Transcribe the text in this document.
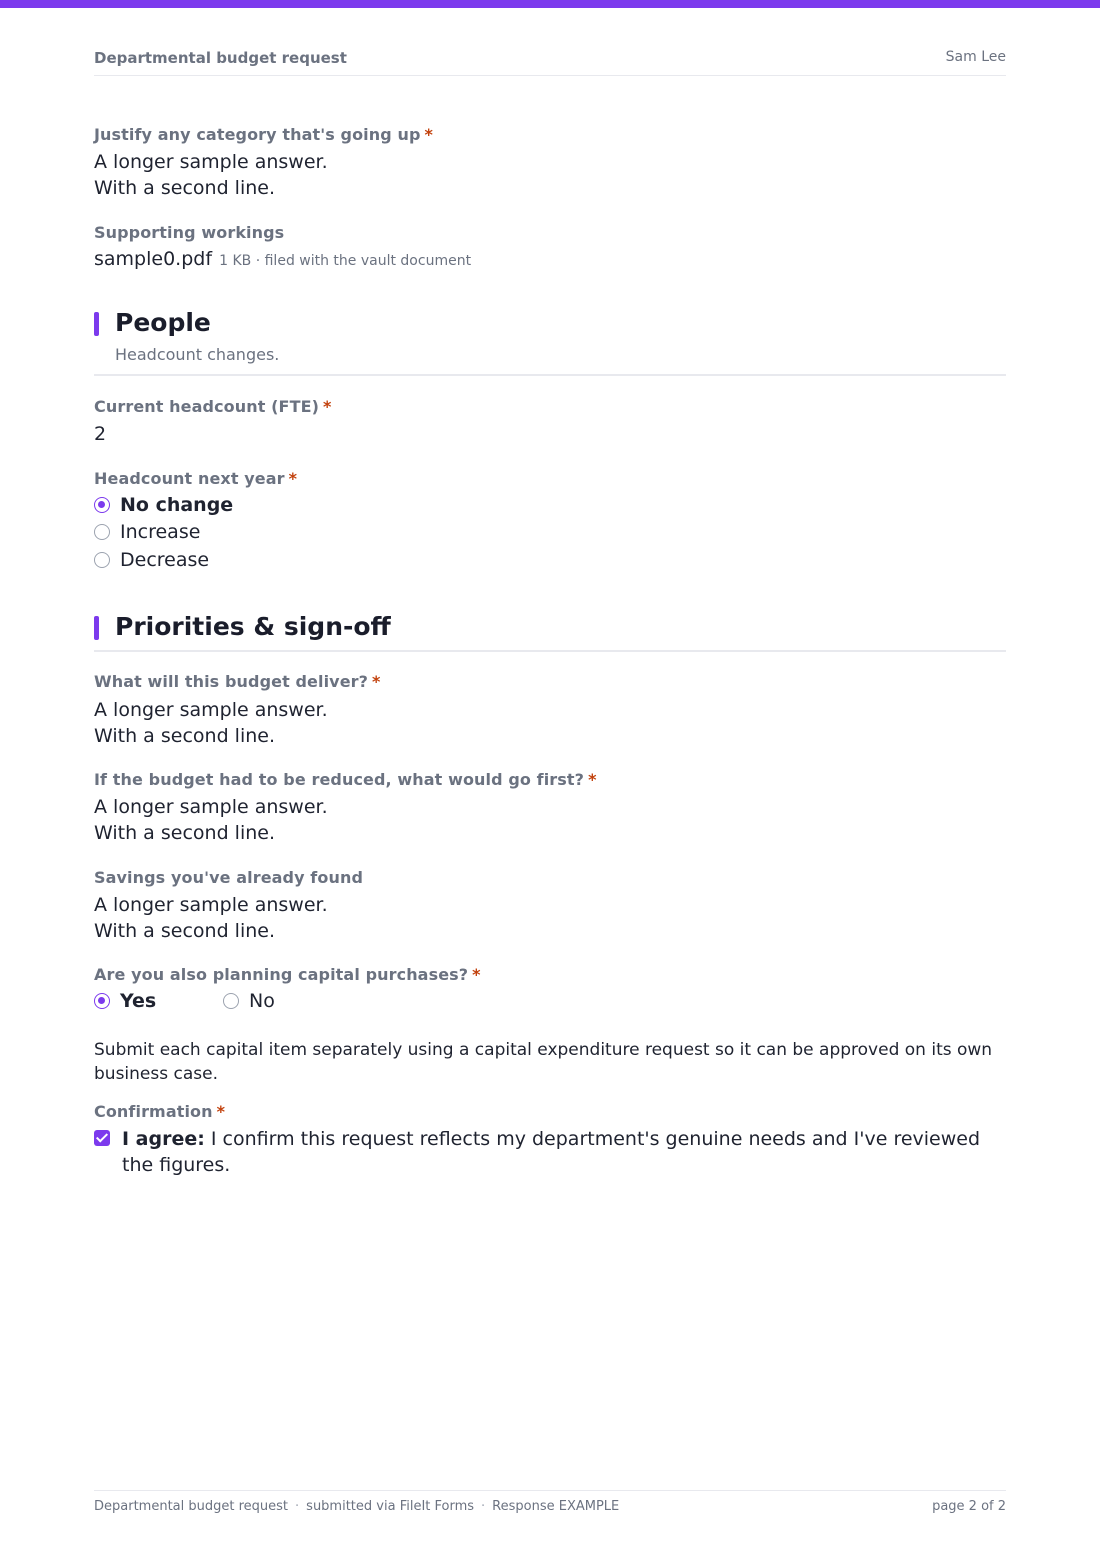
Departmental budget request	Sam Lee
Justify any category that's going up *
A longer sample answer.
With a second line.
Supporting workings
sample0.pdf 1 KB · filed with the vault document
People
Headcount changes.
Current headcount (FTE) *
2
Headcount next year *
No change
Increase
Decrease
Priorities & sign-off
What will this budget deliver? *
A longer sample answer.
With a second line.
If the budget had to be reduced, what would go first? *
A longer sample answer.
With a second line.
Savings you've already found
A longer sample answer.
With a second line.
Are you also planning capital purchases? *
Yes	No
Submit each capital item separately using a capital expenditure request so it can be approved on its own business case.
Confirmation *
I agree: I confirm this request reflects my department's genuine needs and I've reviewed the figures.
Departmental budget request · submitted via FileIt Forms · Response EXAMPLE	page 2 of 2
